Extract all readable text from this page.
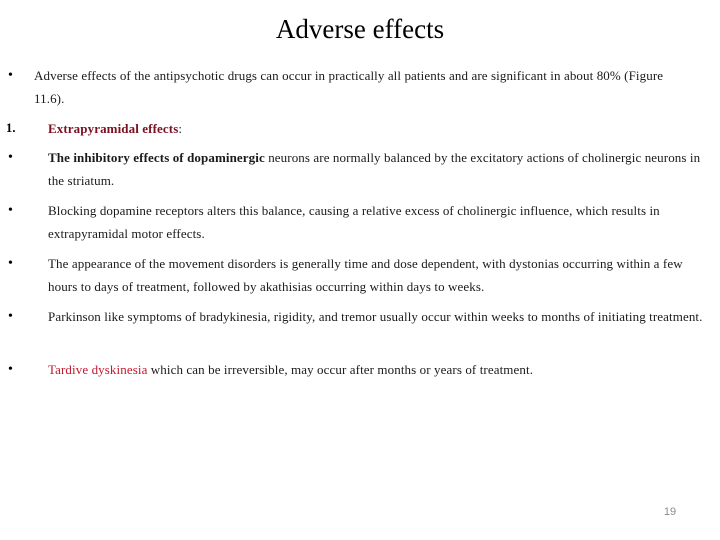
Adverse effects
• Adverse effects of the antipsychotic drugs can occur in practically all patients and are significant in about 80% (Figure 11.6).
1. Extrapyramidal effects:
•	The inhibitory effects of dopaminergic neurons are normally balanced by the excitatory actions of cholinergic neurons in the striatum.
•	Blocking dopamine receptors alters this balance, causing a relative excess of cholinergic influence, which results in extrapyramidal motor effects.
•	The appearance of the movement disorders is generally time and dose dependent, with dystonias occurring within a few hours to days of treatment, followed by akathisias occurring within days to weeks.
•	Parkinson like symptoms of bradykinesia, rigidity, and tremor usually occur within weeks to months of initiating treatment.
•	Tardive dyskinesia which can be irreversible, may occur after months or years of treatment.
19
